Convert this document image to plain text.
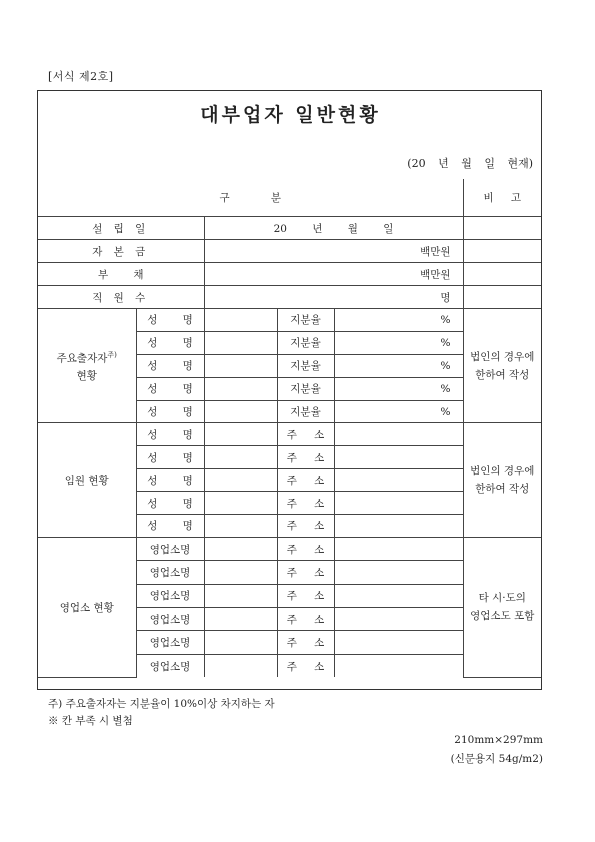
[서식 제2호]
대부업자 일반현황
(20 년 월 일 현재)
구 분					비 고
설 립 일		20 년 월 일			
자 본 금		백만원			
부 채		백만원			
직 원 수		명			
주요출자자$^{주)}$
현황	성 명		지분율	%	법인의 경우에
한하여 작성
	성 명		지분율	%	
	성 명		지분율	%	
	성 명		지분율	%	
	성 명		지분율	%	
임원 현황	성 명		주 소		법인의 경우에
한하여 작성
	성 명		주 소		
	성 명		주 소		
	성 명		주 소		
	성 명		주 소		
영업소 현황	영업소명		주 소		타 시·도의
영업소도 포함
	영업소명		주 소		
	영업소명		주 소		
	영업소명		주 소		
	영업소명		주 소		
	영업소명		주 소		
주) 주요출자자는 지분율이 10%이상 차지하는 자
※ 칸 부족 시 별첨
210mm×297mm
(신문용지 54g/m2)
